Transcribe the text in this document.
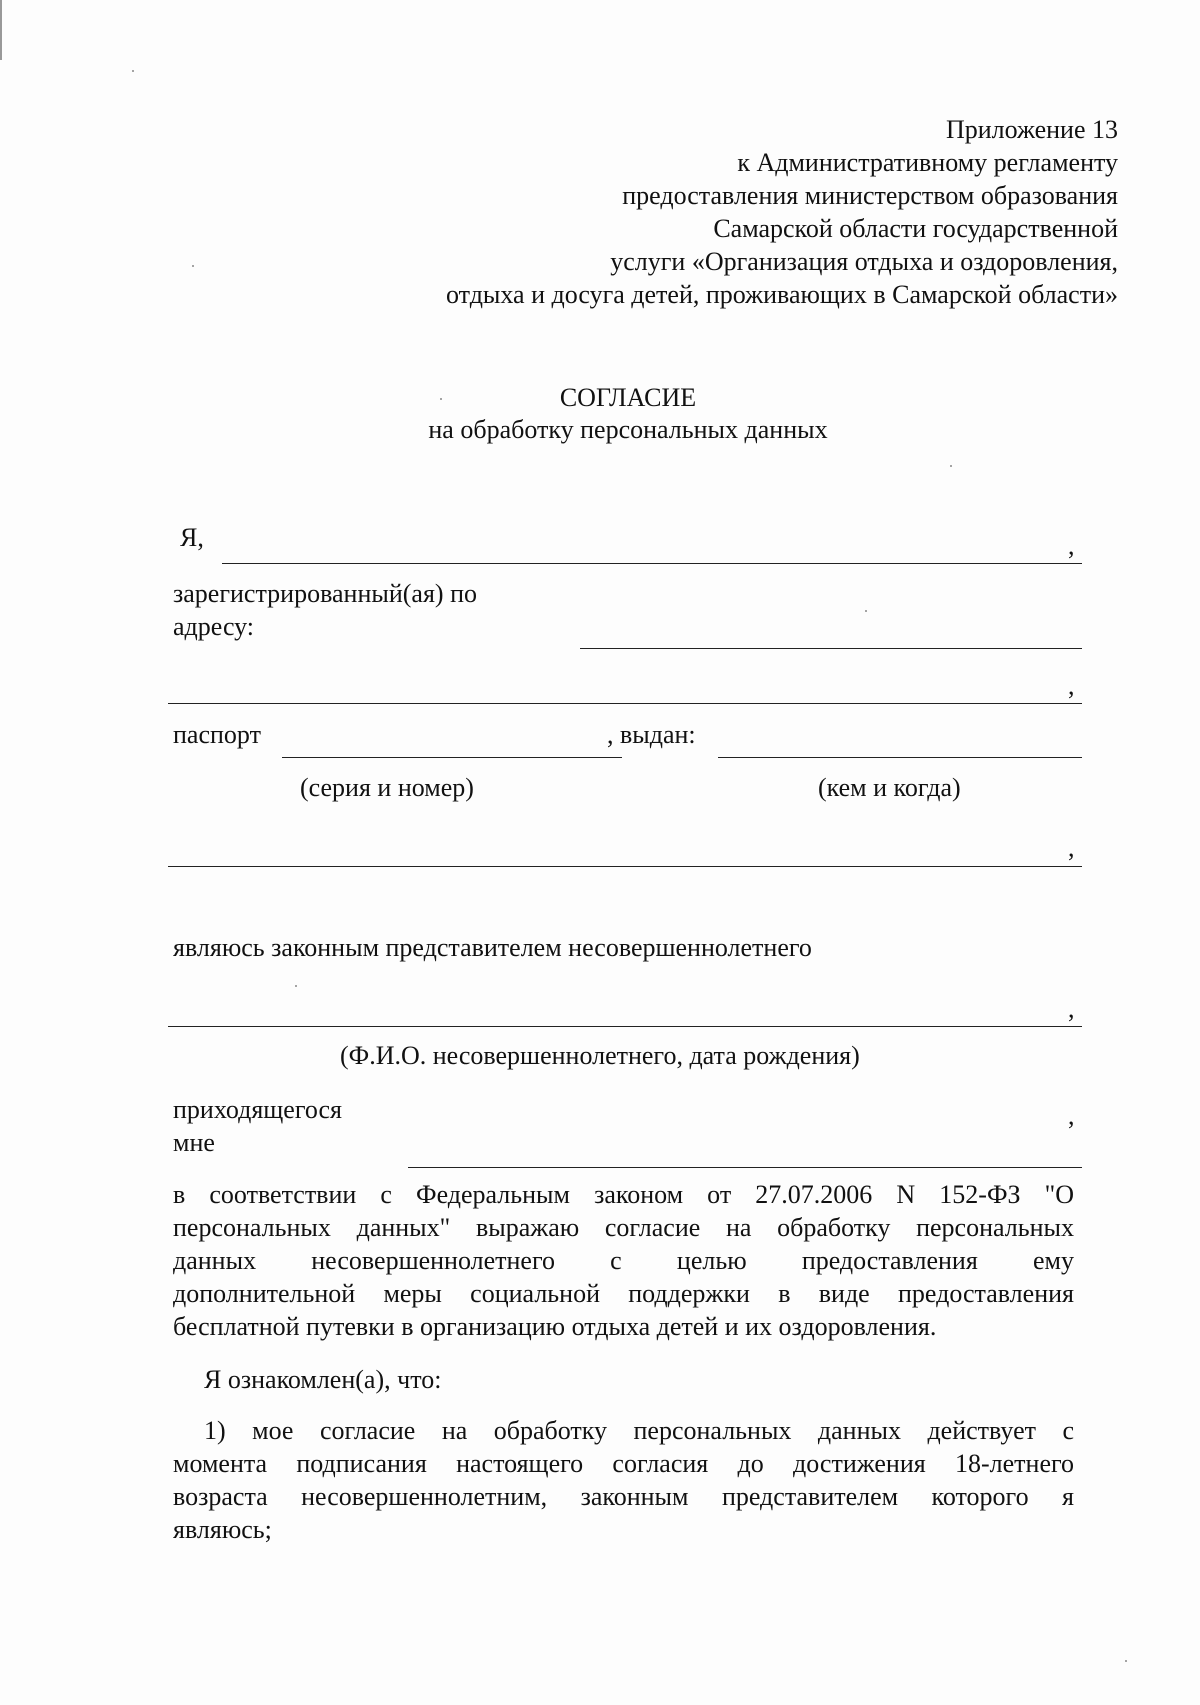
Приложение 13
к Административному регламенту
предоставления министерством образования
Самарской области государственной
услуги «Организация отдыха и оздоровления,
отдыха и досуга детей, проживающих в Самарской области»
СОГЛАСИЕ
на обработку персональных данных
Я,	,
зарегистрированный(ая) по
адресу:
,
паспорт	, выдан:
(серия и номер)	(кем и когда)
,
являюсь законным представителем несовершеннолетнего
,
(Ф.И.О. несовершеннолетнего, дата рождения)
приходящегося
мне
,
в соответствии с Федеральным законом от 27.07.2006 N 152-ФЗ "О
персональных данных" выражаю согласие на обработку персональных
данных несовершеннолетнего с целью предоставления ему
дополнительной меры социальной поддержки в виде предоставления
бесплатной путевки в организацию отдыха детей и их оздоровления.
Я ознакомлен(а), что:
1) мое согласие на обработку персональных данных действует с
момента подписания настоящего согласия до достижения 18-летнего
возраста несовершеннолетним, законным представителем которого я
являюсь;
